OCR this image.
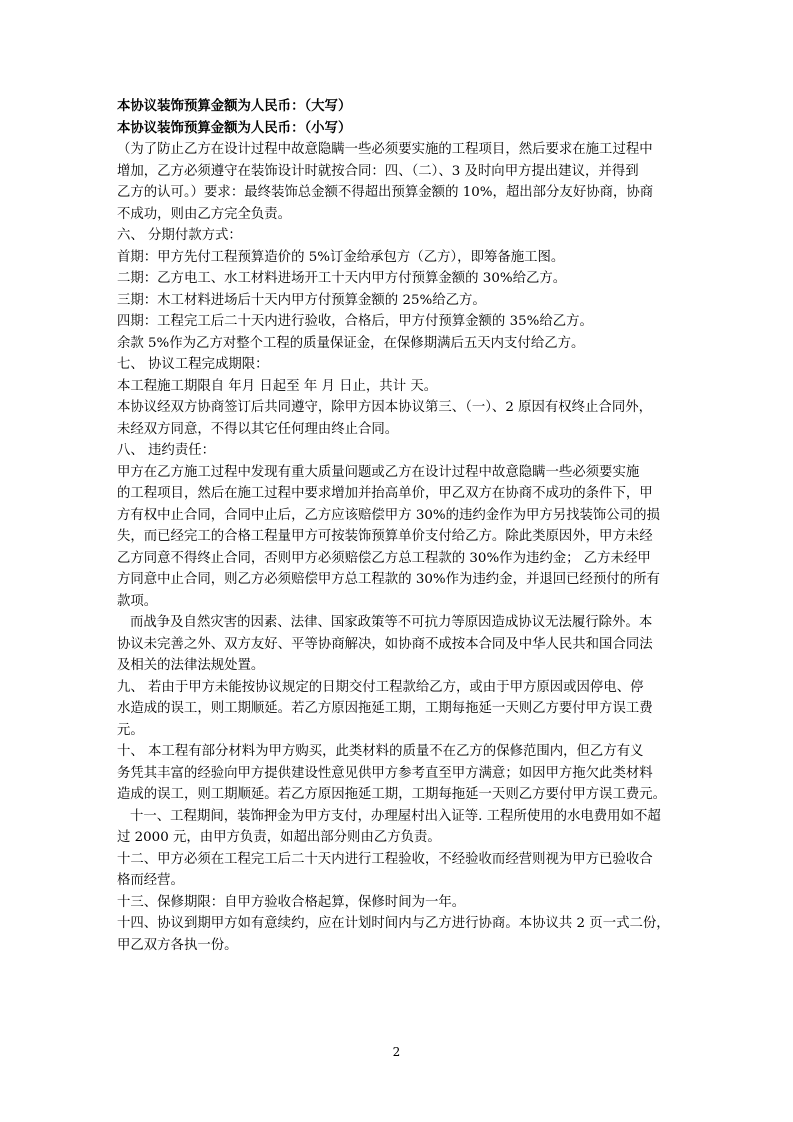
本协议装饰预算金额为人民币：（大写）
本协议装饰预算金额为人民币：（小写）
（为了防止乙方在设计过程中故意隐瞒一些必须要实施的工程项目，然后要求在施工过程中
增加，乙方必须遵守在装饰设计时就按合同：四、（二）、3 及时向甲方提出建议，并得到
乙方的认可。）要求：最终装饰总金额不得超出预算金额的 10%，超出部分友好协商，协商
不成功，则由乙方完全负责。
六、 分期付款方式：
首期：甲方先付工程预算造价的 5%订金给承包方（乙方），即筹备施工图。
二期：乙方电工、水工材料进场开工十天内甲方付预算金额的 30%给乙方。
三期：木工材料进场后十天内甲方付预算金额的 25%给乙方。
四期：工程完工后二十天内进行验收，合格后，甲方付预算金额的 35%给乙方。
余款 5%作为乙方对整个工程的质量保证金，在保修期满后五天内支付给乙方。
七、 协议工程完成期限：
本工程施工期限自 年月 日起至 年 月 日止，共计 天。
本协议经双方协商签订后共同遵守，除甲方因本协议第三、（一）、2 原因有权终止合同外，
未经双方同意，不得以其它任何理由终止合同。
八、 违约责任：
甲方在乙方施工过程中发现有重大质量问题或乙方在设计过程中故意隐瞒一些必须要实施
的工程项目，然后在施工过程中要求增加并抬高单价，甲乙双方在协商不成功的条件下，甲
方有权中止合同，合同中止后，乙方应该赔偿甲方 30%的违约金作为甲方另找装饰公司的损
失，而已经完工的合格工程量甲方可按装饰预算单价支付给乙方。除此类原因外，甲方未经
乙方同意不得终止合同，否则甲方必须赔偿乙方总工程款的 30%作为违约金； 乙方未经甲
方同意中止合同，则乙方必须赔偿甲方总工程款的 30%作为违约金，并退回已经预付的所有
款项。
而战争及自然灾害的因素、法律、国家政策等不可抗力等原因造成协议无法履行除外。本
协议未完善之外、双方友好、平等协商解决，如协商不成按本合同及中华人民共和国合同法
及相关的法律法规处置。
九、 若由于甲方未能按协议规定的日期交付工程款给乙方，或由于甲方原因或因停电、停
水造成的误工，则工期顺延。若乙方原因拖延工期，工期每拖延一天则乙方要付甲方误工费
元。
十、 本工程有部分材料为甲方购买，此类材料的质量不在乙方的保修范围内，但乙方有义
务凭其丰富的经验向甲方提供建设性意见供甲方参考直至甲方满意；如因甲方拖欠此类材料
造成的误工，则工期顺延。若乙方原因拖延工期，工期每拖延一天则乙方要付甲方误工费元。
十一、工程期间，装饰押金为甲方支付，办理屋村出入证等. 工程所使用的水电费用如不超
过 2000 元，由甲方负责，如超出部分则由乙方负责。
十二、甲方必须在工程完工后二十天内进行工程验收，不经验收而经营则视为甲方已验收合
格而经营。
十三、保修期限：自甲方验收合格起算，保修时间为一年。
十四、协议到期甲方如有意续约，应在计划时间内与乙方进行协商。本协议共 2 页一式二份，
甲乙双方各执一份。
2
